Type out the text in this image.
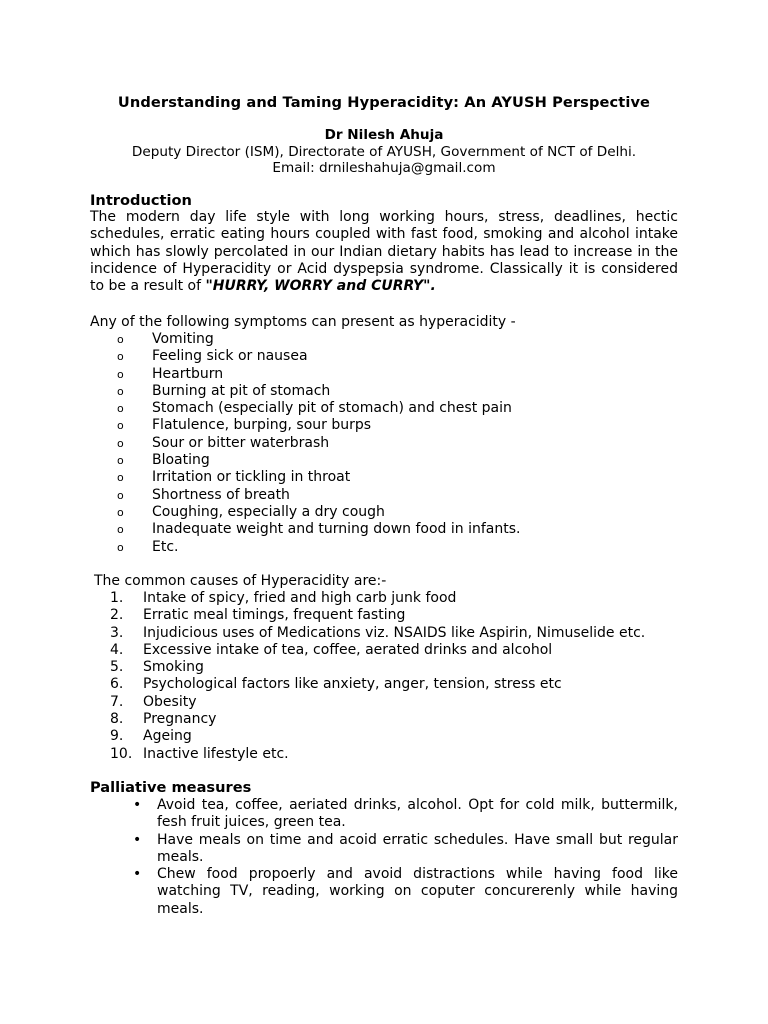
Understanding and Taming Hyperacidity: An AYUSH Perspective
Dr Nilesh Ahuja
Deputy Director (ISM), Directorate of AYUSH, Government of NCT of Delhi.
Email: drnileshahuja@gmail.com
Introduction
The modern day life style with long working hours, stress, deadlines, hectic schedules, erratic eating hours coupled with fast food, smoking and alcohol intake which has slowly percolated in our Indian dietary habits has lead to increase in the incidence of Hyperacidity or Acid dyspepsia syndrome. Classically it is considered to be a result of "HURRY, WORRY and CURRY".
Any of the following symptoms can present as hyperacidity -
o Vomiting
o Feeling sick or nausea
o Heartburn
o Burning at pit of stomach
o Stomach (especially pit of stomach) and chest pain
o Flatulence, burping, sour burps
o Sour or bitter waterbrash
o Bloating
o Irritation or tickling in throat
o Shortness of breath
o Coughing, especially a dry cough
o Inadequate weight and turning down food in infants.
o Etc.
The common causes of Hyperacidity are:-
1. Intake of spicy, fried and high carb junk food
2. Erratic meal timings, frequent fasting
3. Injudicious uses of Medications viz. NSAIDS like Aspirin, Nimuselide etc.
4. Excessive intake of tea, coffee, aerated drinks and alcohol
5. Smoking
6. Psychological factors like anxiety, anger, tension, stress etc
7. Obesity
8. Pregnancy
9. Ageing
10. Inactive lifestyle etc.
Palliative measures
• Avoid tea, coffee, aeriated drinks, alcohol. Opt for cold milk, buttermilk, fesh fruit juices, green tea.
• Have meals on time and acoid erratic schedules. Have small but regular meals.
• Chew food propoerly and avoid distractions while having food like watching TV, reading, working on coputer concurerenly while having meals.
